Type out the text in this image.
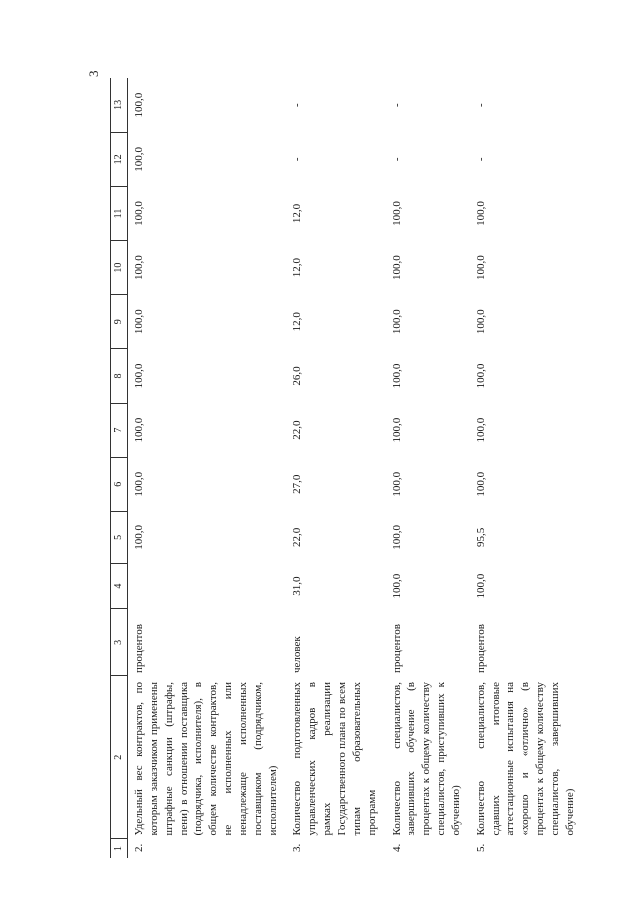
3
1	2	3	4	5	6	7	8	9	10	11	12	13
2.	Удельный вес контрактов, по которым заказчиком применены штрафные санкции (штрафы, пени) в отношении поставщика (подрядчика, исполнителя), в общем количестве контрактов, не исполненных или ненадлежаще исполненных поставщиком (подрядчиком, исполнителем)	процентов		100,0	100,0	100,0	100,0	100,0	100,0	100,0	100,0	100,0
3.	Количество подготовленных управленческих кадров в рамках реализации Государственного плана по всем типам образовательных программ	человек	31,0	22,0	27,0	22,0	26,0	12,0	12,0	12,0	-	-
4.	Количество специалистов, завершивших обучение (в процентах к общему количеству специалистов, приступивших к обучению)	процентов	100,0	100,0	100,0	100,0	100,0	100,0	100,0	100,0	-	-
5.	Количество специалистов, сдавших итоговые аттестационные испытания на «хорошо и «отлично» (в процентах к общему количеству специалистов, завершивших обучение)	процентов	100,0	95,5	100,0	100,0	100,0	100,0	100,0	100,0	-	-
